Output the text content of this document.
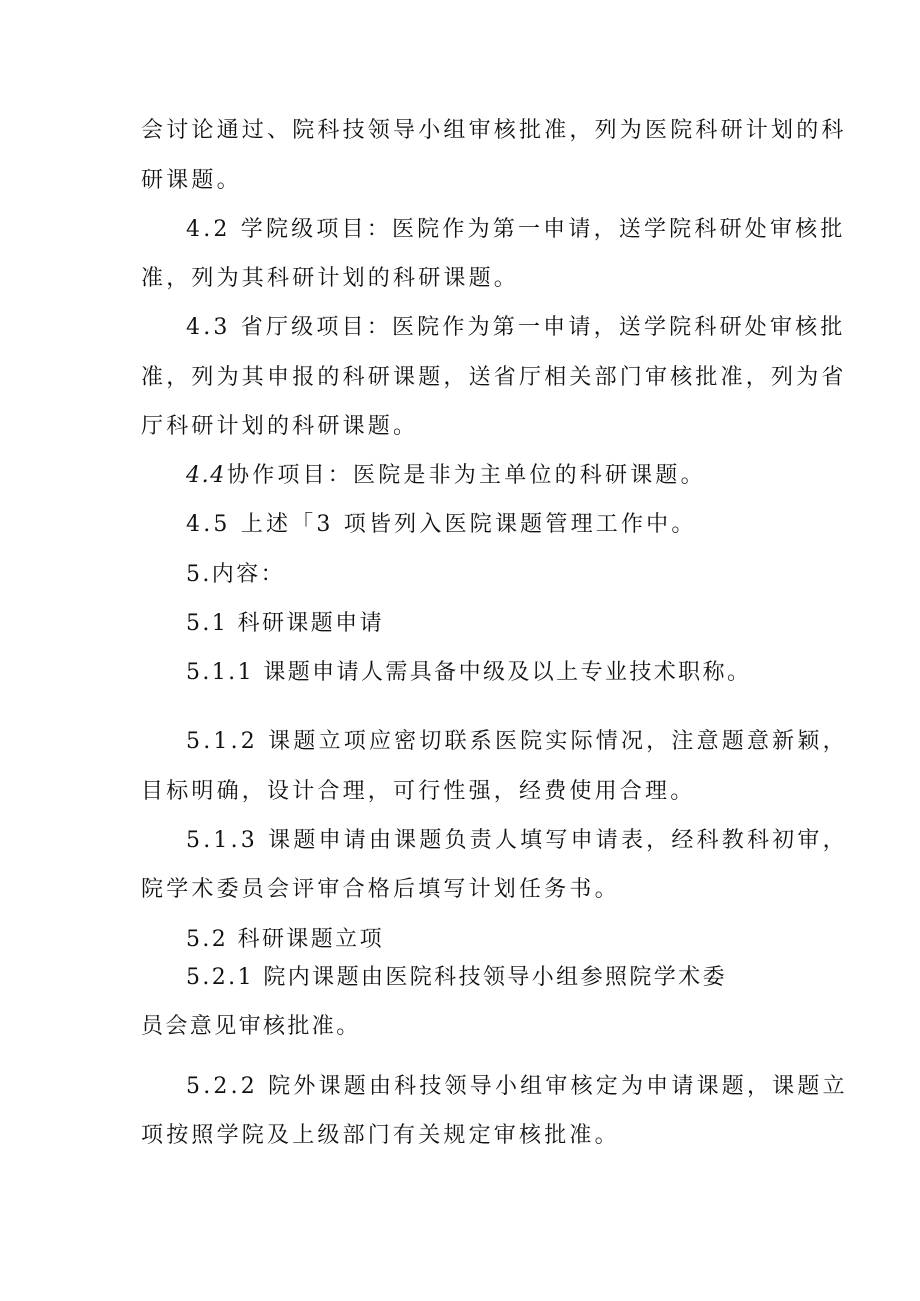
会讨论通过、院科技领导小组审核批准，列为医院科研计划的科
研课题。
4.2 学院级项目：医院作为第一申请，送学院科研处审核批
准，列为其科研计划的科研课题。
4.3 省厅级项目：医院作为第一申请，送学院科研处审核批
准，列为其申报的科研课题，送省厅相关部门审核批准，列为省
厅科研计划的科研课题。
4.4 协作项目：医院是非为主单位的科研课题。
4.5 上述「3 项皆列入医院课题管理工作中。
5.内容：
5.1 科研课题申请
5.1.1 课题申请人需具备中级及以上专业技术职称。
5.1.2 课题立项应密切联系医院实际情况，注意题意新颖，
目标明确，设计合理，可行性强，经费使用合理。
5.1.3 课题申请由课题负责人填写申请表，经科教科初审，
院学术委员会评审合格后填写计划任务书。
5.2 科研课题立项
5.2.1 院内课题由医院科技领导小组参照院学术委
员会意见审核批准。
5.2.2 院外课题由科技领导小组审核定为申请课题，课题立
项按照学院及上级部门有关规定审核批准。
